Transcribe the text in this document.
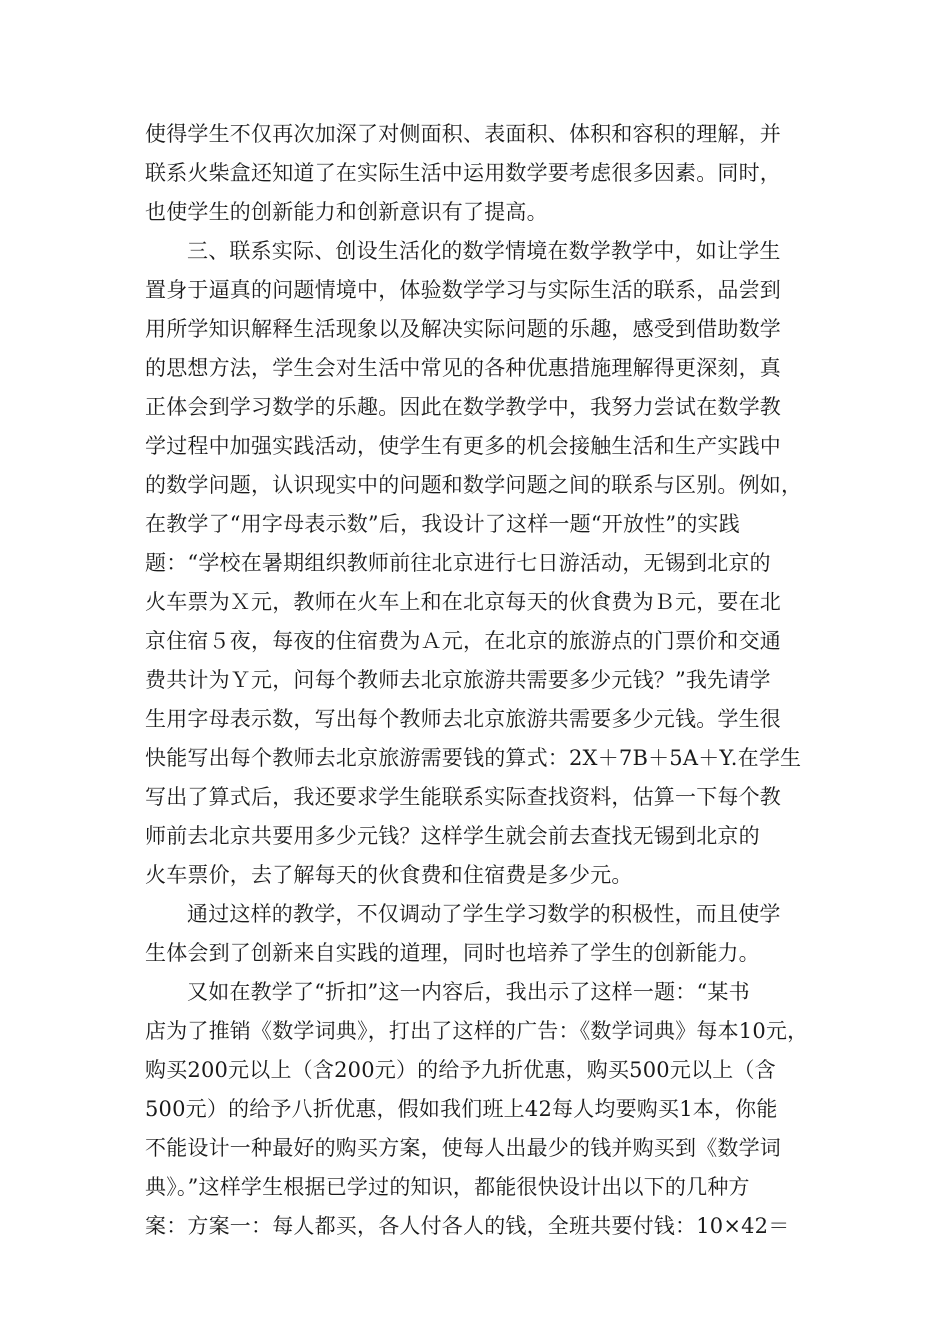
使得学生不仅再次加深了对侧面积、表面积、体积和容积的理解，并
联系火柴盒还知道了在实际生活中运用数学要考虑很多因素。同时，
也使学生的创新能力和创新意识有了提高。
三、联系实际、创设生活化的数学情境在数学教学中，如让学生
置身于逼真的问题情境中，体验数学学习与实际生活的联系，品尝到
用所学知识解释生活现象以及解决实际问题的乐趣，感受到借助数学
的思想方法，学生会对生活中常见的各种优惠措施理解得更深刻，真
正体会到学习数学的乐趣。因此在数学教学中，我努力尝试在数学教
学过程中加强实践活动，使学生有更多的机会接触生活和生产实践中
的数学问题，认识现实中的问题和数学问题之间的联系与区别。例如，
在教学了“用字母表示数”后，我设计了这样一题“开放性”的实践
题：“学校在暑期组织教师前往北京进行七日游活动，无锡到北京的
火车票为Ｘ元，教师在火车上和在北京每天的伙食费为Ｂ元，要在北
京住宿５夜，每夜的住宿费为Ａ元，在北京的旅游点的门票价和交通
费共计为Ｙ元，问每个教师去北京旅游共需要多少元钱？”我先请学
生用字母表示数，写出每个教师去北京旅游共需要多少元钱。学生很
快能写出每个教师去北京旅游需要钱的算式：2X＋7B＋5A＋Y.在学生
写出了算式后，我还要求学生能联系实际查找资料，估算一下每个教
师前去北京共要用多少元钱？这样学生就会前去查找无锡到北京的
火车票价，去了解每天的伙食费和住宿费是多少元。
通过这样的教学，不仅调动了学生学习数学的积极性，而且使学
生体会到了创新来自实践的道理，同时也培养了学生的创新能力。
又如在教学了“折扣”这一内容后，我出示了这样一题：“某书
店为了推销《数学词典》，打出了这样的广告：《数学词典》每本10元，
购买200元以上（含200元）的给予九折优惠，购买500元以上（含
500元）的给予八折优惠，假如我们班上42每人均要购买1本，你能
不能设计一种最好的购买方案，使每人出最少的钱并购买到《数学词
典》。”这样学生根据已学过的知识，都能很快设计出以下的几种方
案：方案一：每人都买，各人付各人的钱，全班共要付钱：10×42＝
